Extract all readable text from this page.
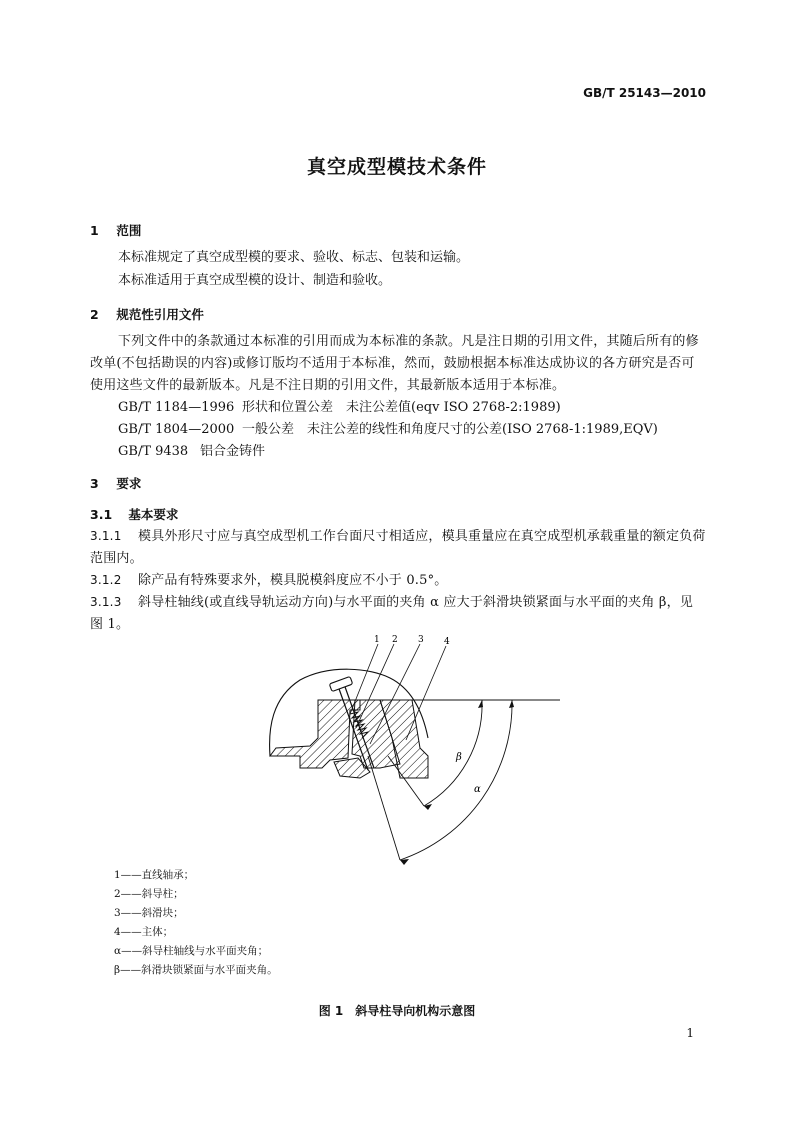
GB/T 25143—2010
真空成型模技术条件
1 范围
本标准规定了真空成型模的要求、验收、标志、包装和运输。
本标准适用于真空成型模的设计、制造和验收。
2 规范性引用文件
下列文件中的条款通过本标准的引用而成为本标准的条款。凡是注日期的引用文件，其随后所有的修改单(不包括勘误的内容)或修订版均不适用于本标准，然而，鼓励根据本标准达成协议的各方研究是否可使用这些文件的最新版本。凡是不注日期的引用文件，其最新版本适用于本标准。
GB/T 1184—1996 形状和位置公差　未注公差值(eqv ISO 2768-2:1989)
GB/T 1804—2000 一般公差　未注公差的线性和角度尺寸的公差(ISO 2768-1:1989,EQV)
GB/T 9438 铝合金铸件
3 要求
3.1 基本要求
3.1.1 模具外形尺寸应与真空成型机工作台面尺寸相适应，模具重量应在真空成型机承载重量的额定负荷范围内。
3.1.2 除产品有特殊要求外，模具脱模斜度应不小于 0.5°。
3.1.3 斜导柱轴线(或直线导轨运动方向)与水平面的夹角 α 应大于斜滑块锁紧面与水平面的夹角 β，见图 1。
1 2 3 4
β
α
1——直线轴承；
2——斜导柱；
3——斜滑块；
4——主体；
α——斜导柱轴线与水平面夹角；
β——斜滑块锁紧面与水平面夹角。
图 1　斜导柱导向机构示意图
1
